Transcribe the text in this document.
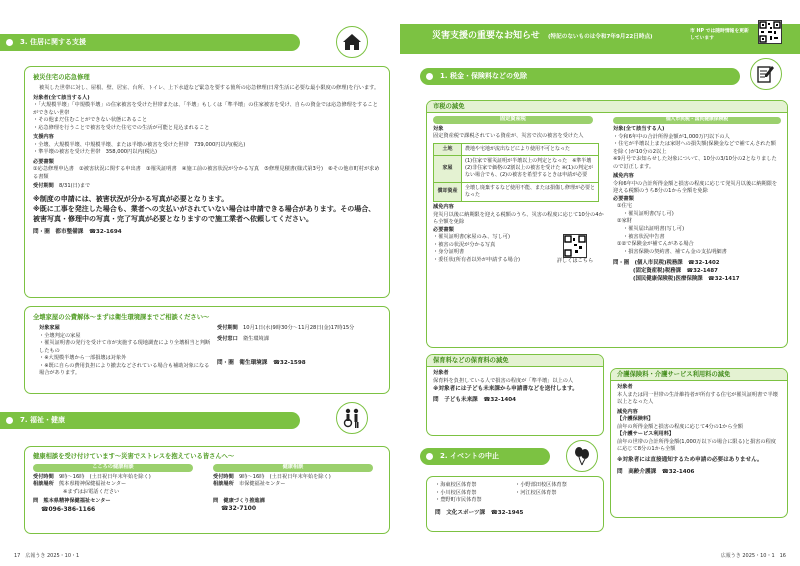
3. 住居に関する支援
被災住宅の応急修理
被災した世帯に対し、屋根、壁、居室、台所、トイレ、上下水道など緊急を要する箇所の応急修理(日常生活に必要な最小限度の修理)を行います。
対象者(全て該当する人)
・ 「大規模半壊」「中規模半壊」の住家被害を受けた世帯または、「半壊」もしくは「準半壊」の住家被害を受け、自らの資金では応急修理をすることができない世帯
・ その他まだ住むことができない状態にあること
・ 応急修理を行うことで被害を受けた住宅での生活が可能と見込まれること
支援内容
・ 全壊、大規模半壊、中規模半壊、または半壊の被害を受けた世帯　739,000円以内(税込)
・ 準半壊の被害を受けた世帯　358,000円以内(税込)
必要書類
①応急修理申込書　②被害状況に関する申出書　③罹災証明書　④施工前の被害状況が分かる写真　⑤修理見積書(様式第3号)　⑥その他市町村が求める書類
受付期間　 8/31(日)まで
※制度の申請には、被害状況が分かる写真が必要となります。
※既に工事を発注した場合も、業者への支払いがされていない場合は申請できる場合があります。その場合、被害写真・修理中の写真・完了写真が必要となりますので施工業者へ依頼してください。
問・圏　都市整備課　 ☎32-1694
全壊家屋の公費解体〜まずは衛生環境課までご相談ください〜
対象家屋
・ 全壊判定の家屋
・ 罹災証明書の発行を受けて市が実施する現地調査により全壊相当と判断したもの
・ ※大規模半壊から一部損壊は対象外
・ ※既に自らの費用負担により撤去などされている場合も補助対象になる場合があります。
受付期間　 10月1日(水)9時30分〜11月28日(金)17時15分
受付窓口　 衛生環境課
問・圏　衛生環境課　 ☎32-1598
7. 福祉・健康
健康相談を受け付けています〜災害でストレスを抱えている皆さんへ〜
こころの健康相談
受付時間　 9時〜16時　(土日祝日年末年始を除く)
相談場所　 熊本県精神保健福祉センター
※まずはお電話ください
問　熊本県精神保健福祉センター
☎096-386-1166
健康相談
受付時間　 9時〜16時　(土日祝日年末年始を除く)
相談場所　 市保健福祉センター
問　健康づくり推進課
☎32-7100
17　広報うき 2025・10・1
災害支援の重要なお知らせ (特記のないものは令和7年9月22日時点)
市 HP では随時情報を更新しています
1. 税金・保険料などの免除
市税の減免
固定資産税
対象
固定資産税で課税されている資産が、災害で次の被害を受けた人
土地	農地や宅地が流出などにより使用不可となった
家屋	(1)住家で罹災証明が半壊以上の判定となった　※準半壊 (2)非住家で価格の2割以上の被害を受けた ※(1)の判定がない場合でも、(2)の被害を希望するときは申請が必要
償却資産	全壊し廃棄するなど使用不能、または損傷し修理が必要となった
減免内容
発災月以後に納期限を迎える税額のうち、災害の程度に応じて10分の4から全額を免除
必要書類
・ 罹災証明書(家屋のみ、写し可)
・ 被害の状況が分かる写真
・ 身分証明書
・ 委任状(所有者以外が申請する場合)	詳しくはこちら
個人市民税・国民健康保険税
対象(全て該当する人)
・ 令和6年中の合計所得金額が1,000万円以下の人
・ 住宅が半壊以上または家財への損失額(保険金などで補てんされた額を除く)が10分の2以上
※9月号でお知らせした対象について、10分の3/10分の2となりましたので訂正します。
減免内容
令和6年中の合計所得金額と損害の程度に応じて発災月以後に納期限を迎える税額のうち8分の1から全額を免除
必要書類
①住宅
・罹災証明書(写し可)
②家財
・罹災届出証明書(写し可)
・被害状況申告書
①②で保険金が補てんがある場合
・損害保険の契約書、補てん金の支払明細書
問・圏　(個人市民税)税務課　☎32-1402
(固定資産税)税務課　☎32-1487
(国民健康保険税)医療保険課　☎32-1417
保育料などの保育料の減免
対象者
保育料を負担している人で損害の程度が「準半壊」以上の人
※対象者には子ども未来課から申請書などを送付します。
問　子ども未来課　 ☎32-1404
介護保険料・介護サービス利用料の減免
対象者
本人または同一世帯の生計維持者が所有する住宅が罹災証明書で半壊以上となった人
減免内容
【介護保険料】
前年の所得金額と損害の程度に応じて4分の1から全額
【介護サービス利用料】
前年の世帯の合計所得金額(1,000万以下の場合に限る)と損害の程度に応じて8分の1から全額
※対象者には直接通知するため申請の必要はありません。
問　高齢介護課　 ☎32-1406
2. イベントの中止
・ 海東校区体育祭
・ 小川校区体育祭
・ 豊野町市民体育祭
・ 小野部田校区体育祭
・ 河江校区体育祭
問　文化スポーツ課　 ☎32-1945
広報うき 2025・10・1　16
